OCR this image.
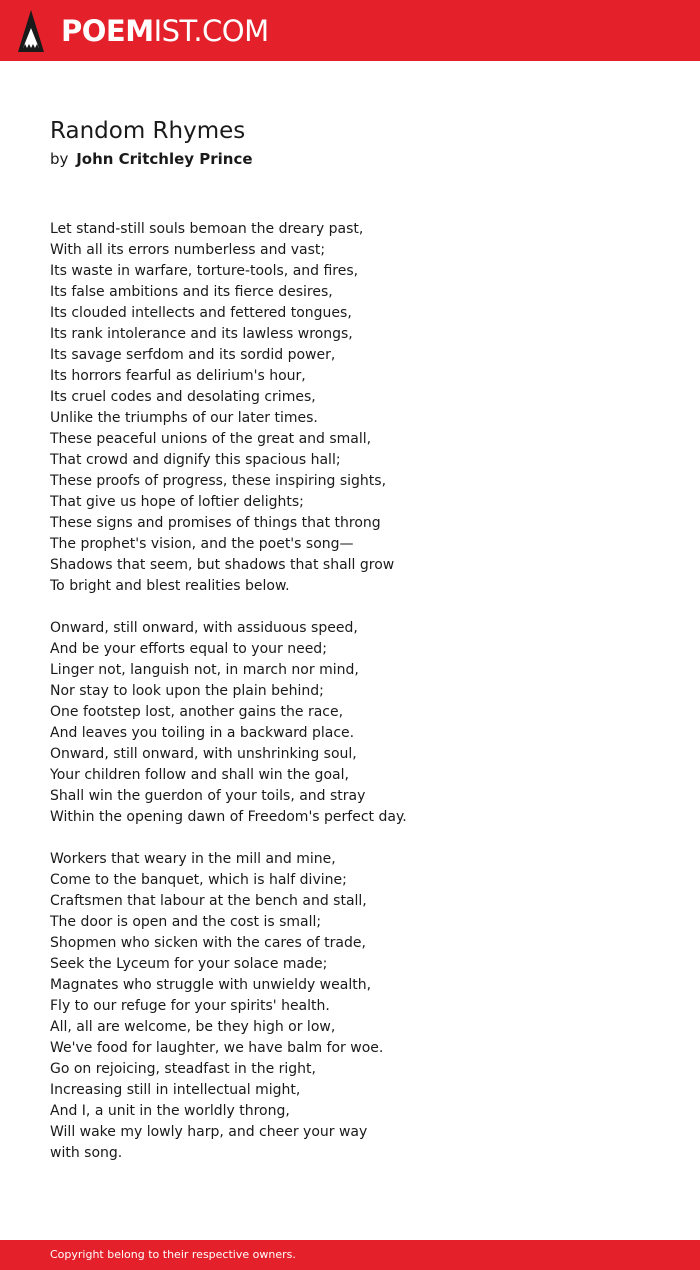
POEMIST.COM
Random Rhymes
by John Critchley Prince
Let stand-still souls bemoan the dreary past,
With all its errors numberless and vast;
Its waste in warfare, torture-tools, and fires,
Its false ambitions and its fierce desires,
Its clouded intellects and fettered tongues,
Its rank intolerance and its lawless wrongs,
Its savage serfdom and its sordid power,
Its horrors fearful as delirium's hour,
Its cruel codes and desolating crimes,
Unlike the triumphs of our later times.
These peaceful unions of the great and small,
That crowd and dignify this spacious hall;
These proofs of progress, these inspiring sights,
That give us hope of loftier delights;
These signs and promises of things that throng
The prophet's vision, and the poet's song—
Shadows that seem, but shadows that shall grow
To bright and blest realities below.
Onward, still onward, with assiduous speed,
And be your efforts equal to your need;
Linger not, languish not, in march nor mind,
Nor stay to look upon the plain behind;
One footstep lost, another gains the race,
And leaves you toiling in a backward place.
Onward, still onward, with unshrinking soul,
Your children follow and shall win the goal,
Shall win the guerdon of your toils, and stray
Within the opening dawn of Freedom's perfect day.
Workers that weary in the mill and mine,
Come to the banquet, which is half divine;
Craftsmen that labour at the bench and stall,
The door is open and the cost is small;
Shopmen who sicken with the cares of trade,
Seek the Lyceum for your solace made;
Magnates who struggle with unwieldy wealth,
Fly to our refuge for your spirits' health.
All, all are welcome, be they high or low,
We've food for laughter, we have balm for woe.
Go on rejoicing, steadfast in the right,
Increasing still in intellectual might,
And I, a unit in the worldly throng,
Will wake my lowly harp, and cheer your way
with song.
Copyright belong to their respective owners.
